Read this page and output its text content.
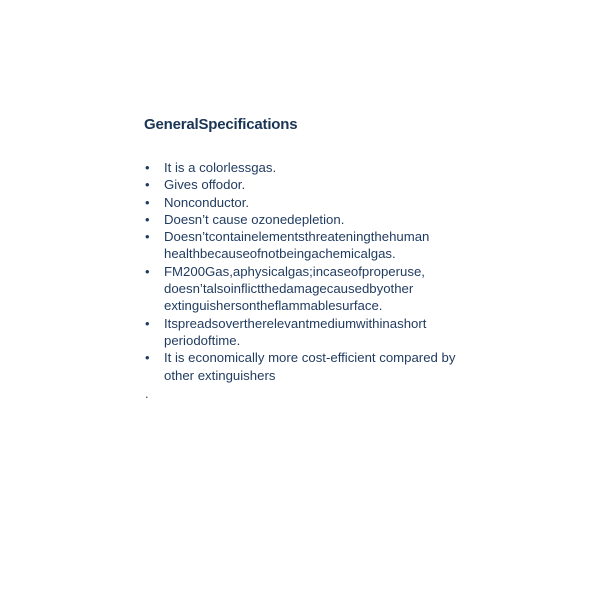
GeneralSpecifications
• It is a colorlessgas.
• Gives offodor.
• Nonconductor.
• Doesn’t cause ozonedepletion.
• Doesn’tcontainelementsthreateningthehuman healthbecauseofnotbeingachemicalgas.
• FM200Gas,aphysicalgas;incaseofproperuse, doesn’talsoinflictthedamagecausedbyother extinguishersontheflammablesurface.
• Itspreadsovertherelevantmediumwithinashort periodoftime.
• It is economically more cost-efficient compared by other extinguishers
.
